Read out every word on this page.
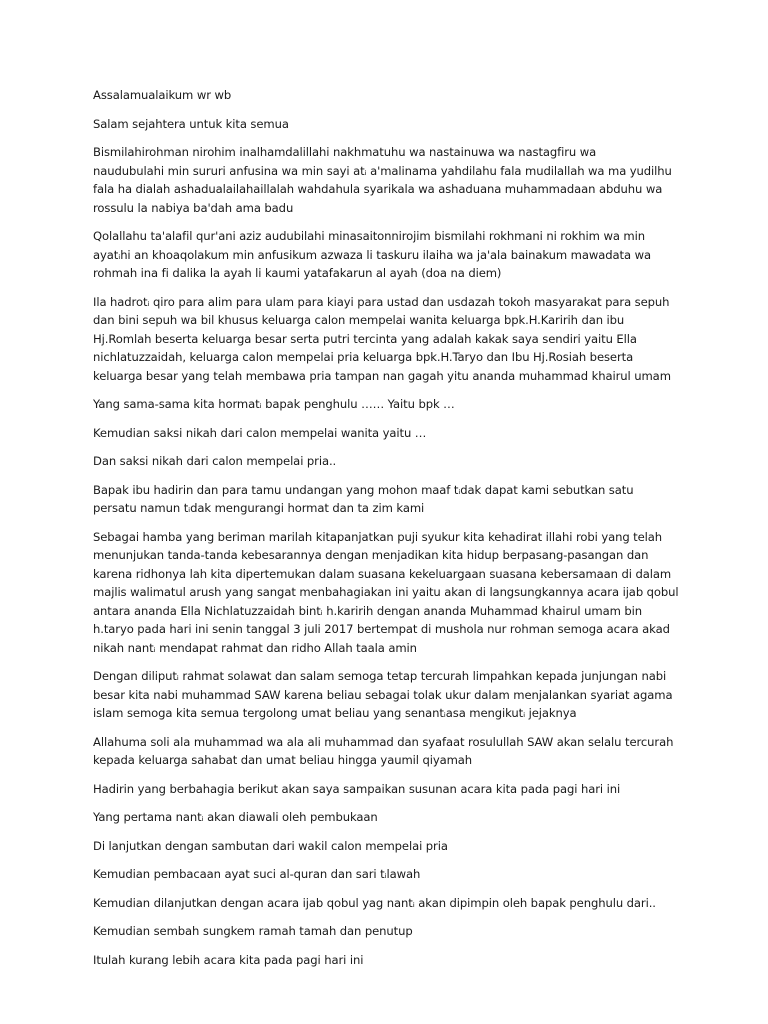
Assalamualaikum wr wb

Salam sejahtera untuk kita semua

Bismilahirohman nirohim inalhamdalillahi nakhmatuhu wa nastainuwa wa nastagfiru wa
naudubulahi min sururi anfusina wa min sayi atᵢ a'malinama yahdilahu fala mudilallah wa ma yudilhu
fala ha dialah ashadualailahaillalah wahdahula syarikala wa ashaduana muhammadaan abduhu wa
rossulu la nabiya ba'dah ama badu

Qolallahu ta'alafil qur'ani aziz audubilahi minasaitonnirojim bismilahi rokhmani ni rokhim wa min
ayatᵢhi an khoaqolakum min anfusikum azwaza li taskuru ilaiha wa ja'ala bainakum mawadata wa
rohmah ina fi dalika la ayah li kaumi yatafakarun al ayah (doa na diem)

Ila hadrotᵢ qiro para alim para ulam para kiayi para ustad dan usdazah tokoh masyarakat para sepuh
dan bini sepuh wa bil khusus keluarga calon mempelai wanita keluarga bpk.H.Karirih dan ibu
Hj.Romlah beserta keluarga besar serta putri tercinta yang adalah kakak saya sendiri yaitu Ella
nichlatuzzaidah, keluarga calon mempelai pria keluarga bpk.H.Taryo dan Ibu Hj.Rosiah beserta
keluarga besar yang telah membawa pria tampan nan gagah yitu ananda muhammad khairul umam

Yang sama-sama kita hormatᵢ bapak penghulu …… Yaitu bpk …

Kemudian saksi nikah dari calon mempelai wanita yaitu …

Dan saksi nikah dari calon mempelai pria..

Bapak ibu hadirin dan para tamu undangan yang mohon maaf tᵢdak dapat kami sebutkan satu
persatu namun tᵢdak mengurangi hormat dan ta zim kami

Sebagai hamba yang beriman marilah kitapanjatkan puji syukur kita kehadirat illahi robi yang telah
menunjukan tanda-tanda kebesarannya dengan menjadikan kita hidup berpasang-pasangan dan
karena ridhonya lah kita dipertemukan dalam suasana kekeluargaan suasana kebersamaan di dalam
majlis walimatul arush yang sangat menbahagiakan ini yaitu akan di langsungkannya acara ijab qobul
antara ananda Ella Nichlatuzzaidah bintᵢ h.karirih dengan ananda Muhammad khairul umam bin
h.taryo pada hari ini senin tanggal 3 juli 2017 bertempat di mushola nur rohman semoga acara akad
nikah nantᵢ mendapat rahmat dan ridho Allah taala amin

Dengan diliputᵢ rahmat solawat dan salam semoga tetap tercurah limpahkan kepada junjungan nabi
besar kita nabi muhammad SAW karena beliau sebagai tolak ukur dalam menjalankan syariat agama
islam semoga kita semua tergolong umat beliau yang senantᵢasa mengikutᵢ jejaknya

Allahuma soli ala muhammad wa ala ali muhammad dan syafaat rosulullah SAW akan selalu tercurah
kepada keluarga sahabat dan umat beliau hingga yaumil qiyamah

Hadirin yang berbahagia berikut akan saya sampaikan susunan acara kita pada pagi hari ini

Yang pertama nantᵢ akan diawali oleh pembukaan

Di lanjutkan dengan sambutan dari wakil calon mempelai pria

Kemudian pembacaan ayat suci al-quran dan sari tᵢlawah

Kemudian dilanjutkan dengan acara ijab qobul yag nantᵢ akan dipimpin oleh bapak penghulu dari..

Kemudian sembah sungkem ramah tamah dan penutup

Itulah kurang lebih acara kita pada pagi hari ini
